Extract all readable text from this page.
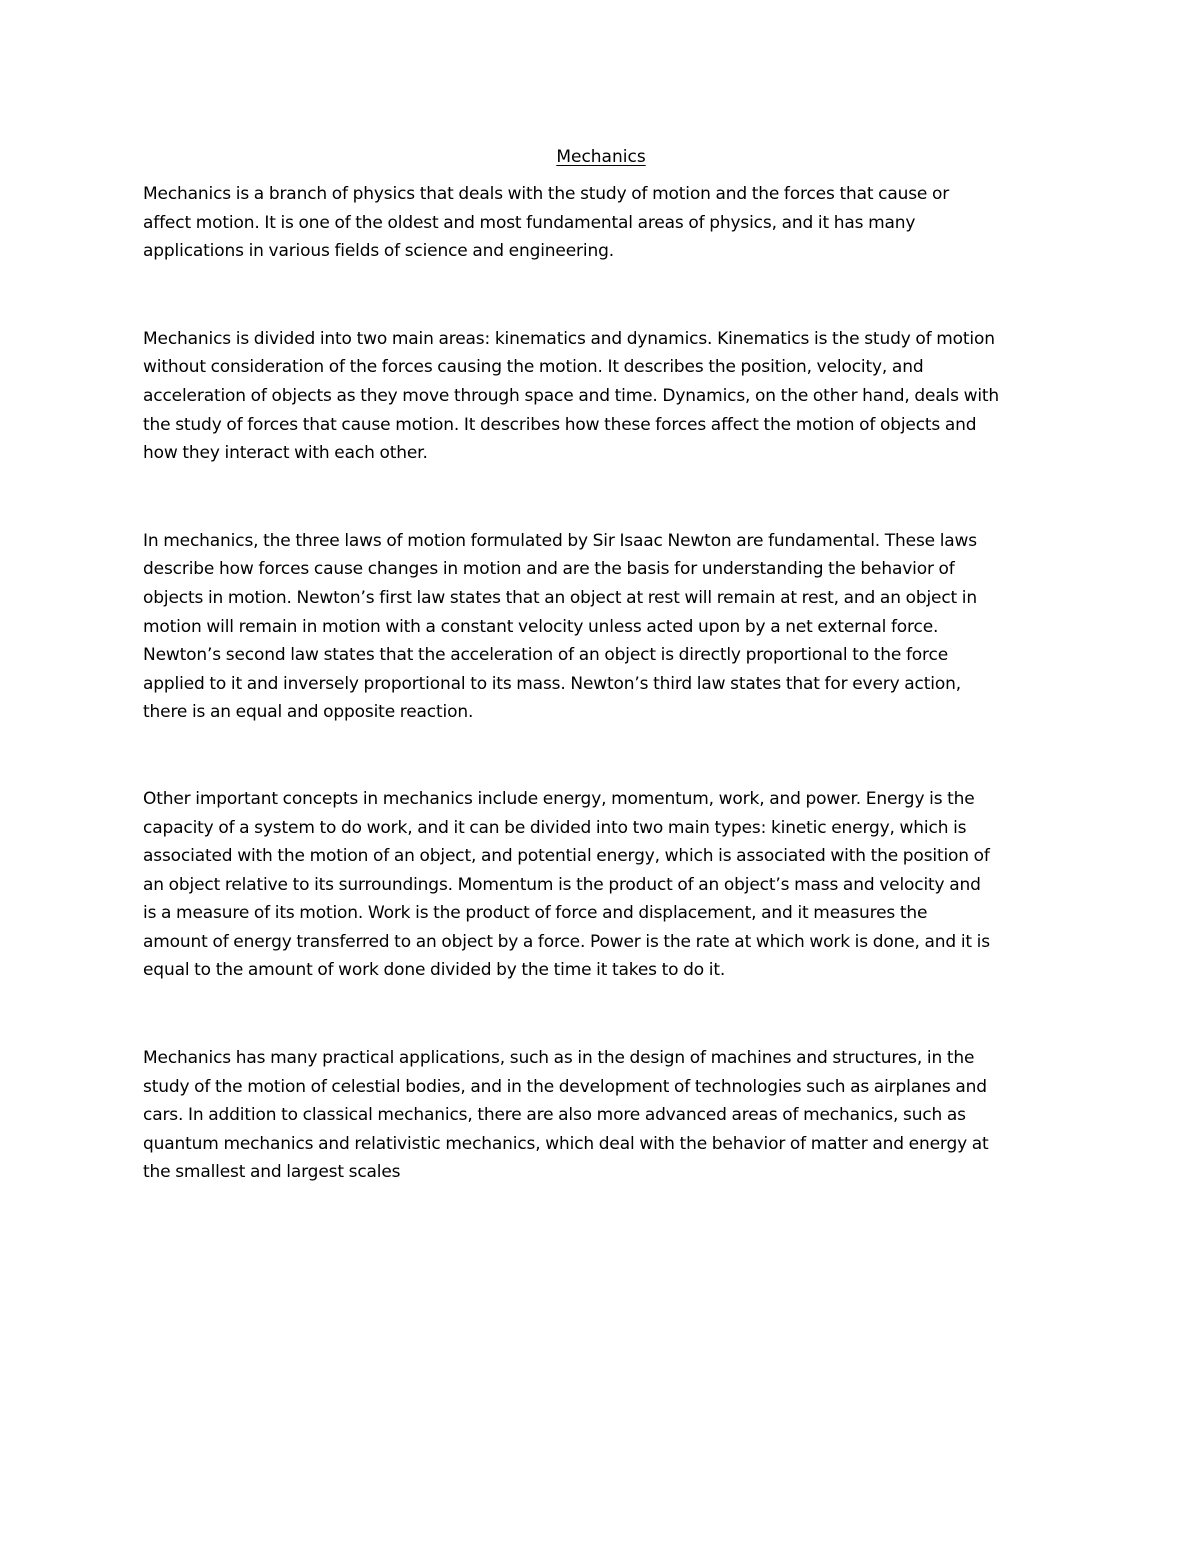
Mechanics

Mechanics is a branch of physics that deals with the study of motion and the forces that cause or
affect motion. It is one of the oldest and most fundamental areas of physics, and it has many
applications in various fields of science and engineering.

Mechanics is divided into two main areas: kinematics and dynamics. Kinematics is the study of motion
without consideration of the forces causing the motion. It describes the position, velocity, and
acceleration of objects as they move through space and time. Dynamics, on the other hand, deals with
the study of forces that cause motion. It describes how these forces affect the motion of objects and
how they interact with each other.

In mechanics, the three laws of motion formulated by Sir Isaac Newton are fundamental. These laws
describe how forces cause changes in motion and are the basis for understanding the behavior of
objects in motion. Newton’s first law states that an object at rest will remain at rest, and an object in
motion will remain in motion with a constant velocity unless acted upon by a net external force.
Newton’s second law states that the acceleration of an object is directly proportional to the force
applied to it and inversely proportional to its mass. Newton’s third law states that for every action,
there is an equal and opposite reaction.

Other important concepts in mechanics include energy, momentum, work, and power. Energy is the
capacity of a system to do work, and it can be divided into two main types: kinetic energy, which is
associated with the motion of an object, and potential energy, which is associated with the position of
an object relative to its surroundings. Momentum is the product of an object’s mass and velocity and
is a measure of its motion. Work is the product of force and displacement, and it measures the
amount of energy transferred to an object by a force. Power is the rate at which work is done, and it is
equal to the amount of work done divided by the time it takes to do it.

Mechanics has many practical applications, such as in the design of machines and structures, in the
study of the motion of celestial bodies, and in the development of technologies such as airplanes and
cars. In addition to classical mechanics, there are also more advanced areas of mechanics, such as
quantum mechanics and relativistic mechanics, which deal with the behavior of matter and energy at
the smallest and largest scales
